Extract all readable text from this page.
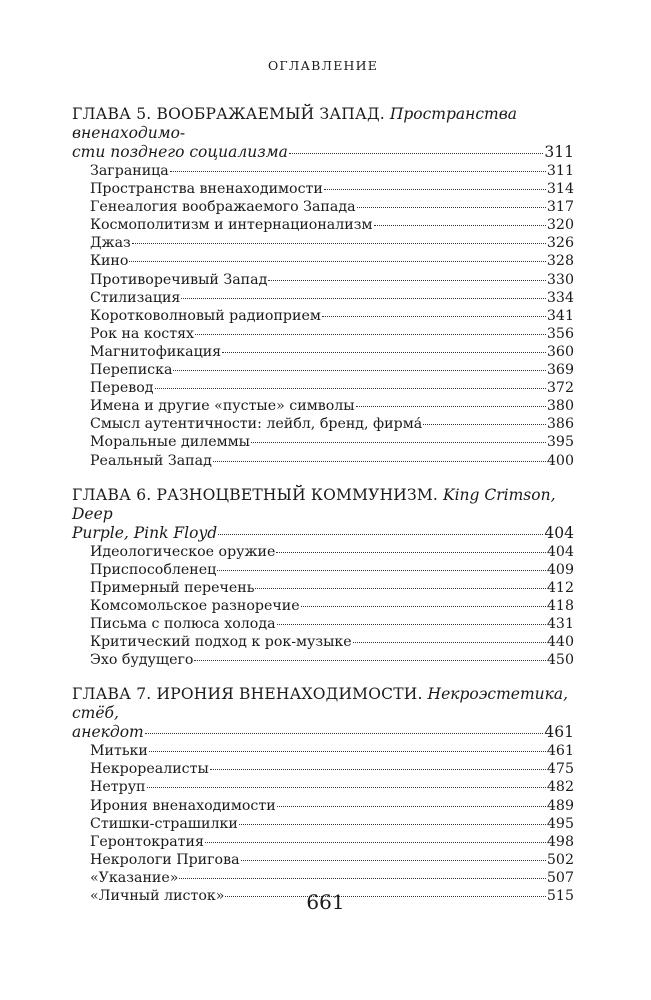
ОГЛАВЛЕНИЕ
ГЛАВА 5. ВООБРАЖАЕМЫЙ ЗАПАД. Пространства вненаходимо-
сти позднего социализма	311
Заграница	311
Пространства вненаходимости	314
Генеалогия воображаемого Запада	317
Космополитизм и интернационализм	320
Джаз	326
Кино	328
Противоречивый Запад	330
Стилизация	334
Коротковолновый радиоприем	341
Рок на костях	356
Магнитофикация	360
Переписка	369
Перевод	372
Имена и другие «пустые» символы	380
Смысл аутентичности: лейбл, бренд, фирма́	386
Моральные дилеммы	395
Реальный Запад	400
ГЛАВА 6. РАЗНОЦВЕТНЫЙ КОММУНИЗМ. King Crimson, Deep
Purple, Pink Floyd	404
Идеологическое оружие	404
Приспособленец	409
Примерный перечень	412
Комсомольское разноречие	418
Письма с полюса холода	431
Критический подход к рок-музыке	440
Эхо будущего	450
ГЛАВА 7. ИРОНИЯ ВНЕНАХОДИМОСТИ. Некроэстетика, стёб,
анекдот	461
Митьки	461
Некрореалисты	475
Нетруп	482
Ирония вненаходимости	489
Стишки-страшилки	495
Геронтократия	498
Некрологи Пригова	502
«Указание»	507
«Личный листок»	515
661
